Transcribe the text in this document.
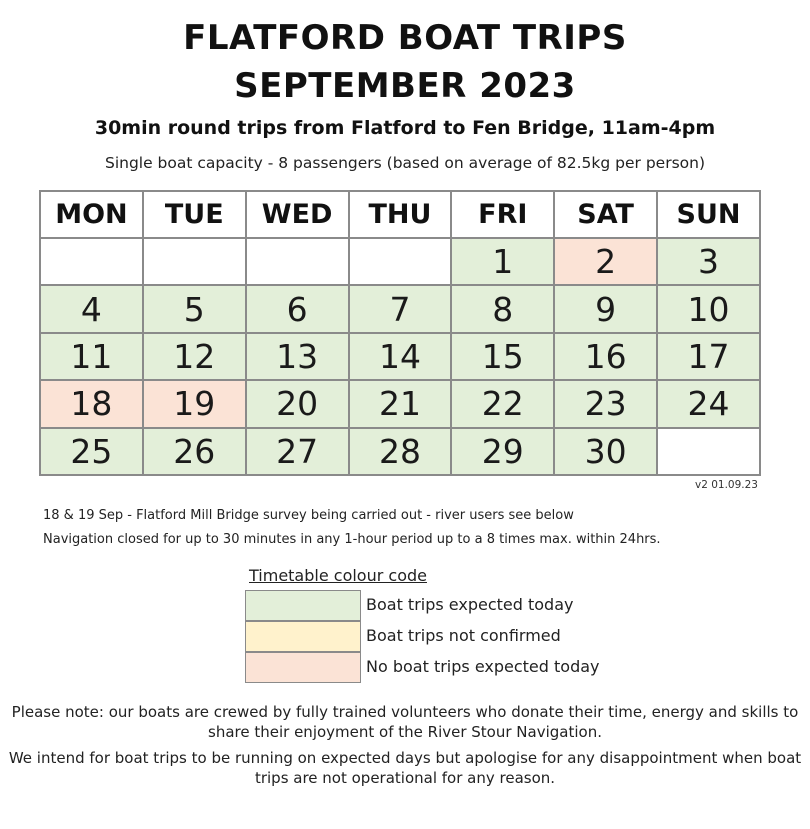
FLATFORD BOAT TRIPS
SEPTEMBER 2023
30min round trips from Flatford to Fen Bridge, 11am-4pm
Single boat capacity - 8 passengers (based on average of 82.5kg per person)
MON	TUE	WED	THU	FRI	SAT	SUN
				1	2	3
4	5	6	7	8	9	10
11	12	13	14	15	16	17
18	19	20	21	22	23	24
25	26	27	28	29	30	
v2 01.09.23
18 & 19 Sep - Flatford Mill Bridge survey being carried out - river users see below
Navigation closed for up to 30 minutes in any 1-hour period up to a 8 times max. within 24hrs.
Timetable colour code
Boat trips expected today
Boat trips not confirmed
No boat trips expected today
Please note: our boats are crewed by fully trained volunteers who donate their time, energy and skills to share their enjoyment of the River Stour Navigation.
We intend for boat trips to be running on expected days but apologise for any disappointment when boat trips are not operational for any reason.
